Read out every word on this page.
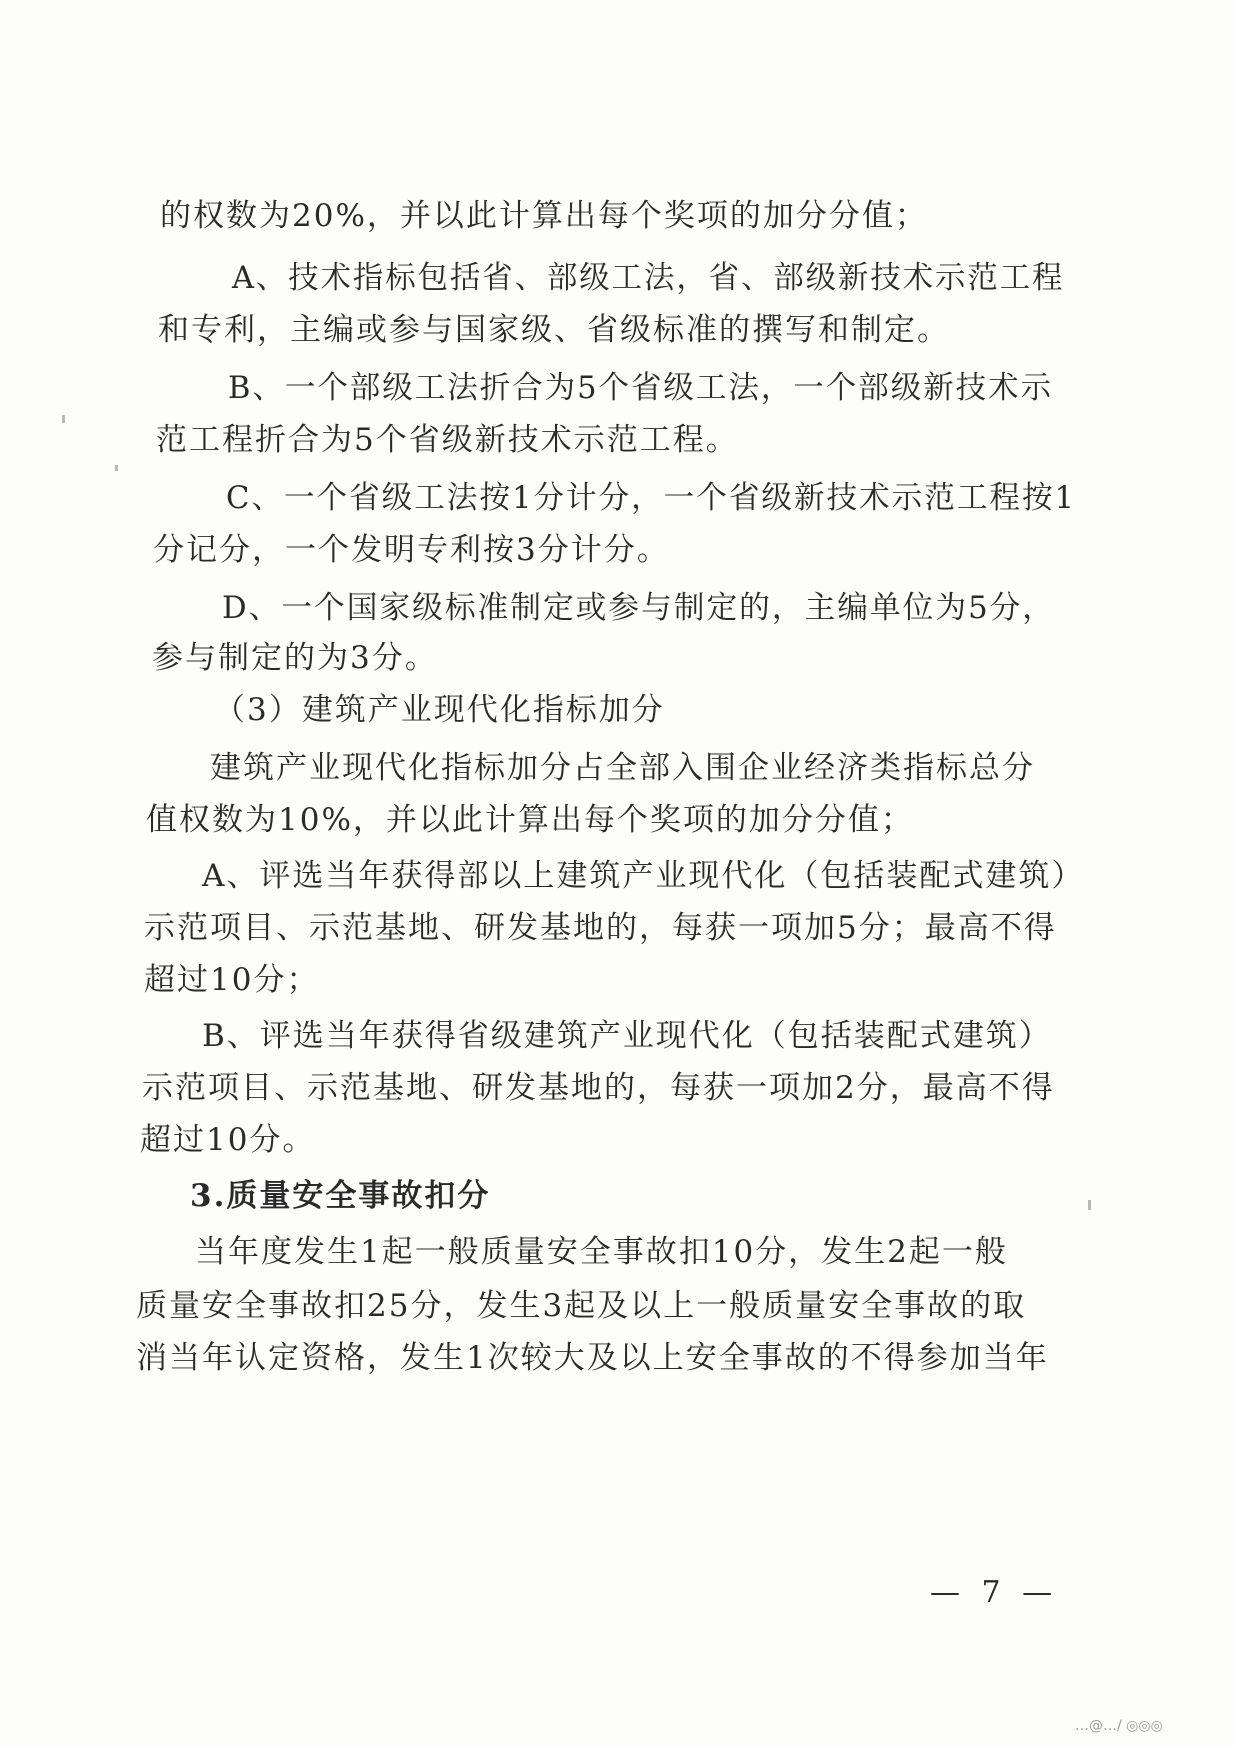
的权数为20%，并以此计算出每个奖项的加分分值；
A、技术指标包括省、部级工法，省、部级新技术示范工程
和专利，主编或参与国家级、省级标准的撰写和制定。
B、一个部级工法折合为5个省级工法，一个部级新技术示
范工程折合为5个省级新技术示范工程。
C、一个省级工法按1分计分，一个省级新技术示范工程按1
分记分，一个发明专利按3分计分。
D、一个国家级标准制定或参与制定的，主编单位为5分，
参与制定的为3分。
（3）建筑产业现代化指标加分
建筑产业现代化指标加分占全部入围企业经济类指标总分
值权数为10%，并以此计算出每个奖项的加分分值；
A、评选当年获得部以上建筑产业现代化（包括装配式建筑）
示范项目、示范基地、研发基地的，每获一项加5分；最高不得
超过10分；
B、评选当年获得省级建筑产业现代化（包括装配式建筑）
示范项目、示范基地、研发基地的，每获一项加2分，最高不得
超过10分。
3.质量安全事故扣分
当年度发生1起一般质量安全事故扣10分，发生2起一般
质量安全事故扣25分，发生3起及以上一般质量安全事故的取
消当年认定资格，发生1次较大及以上安全事故的不得参加当年
— 7 —
…@…/ ◎◎◎
